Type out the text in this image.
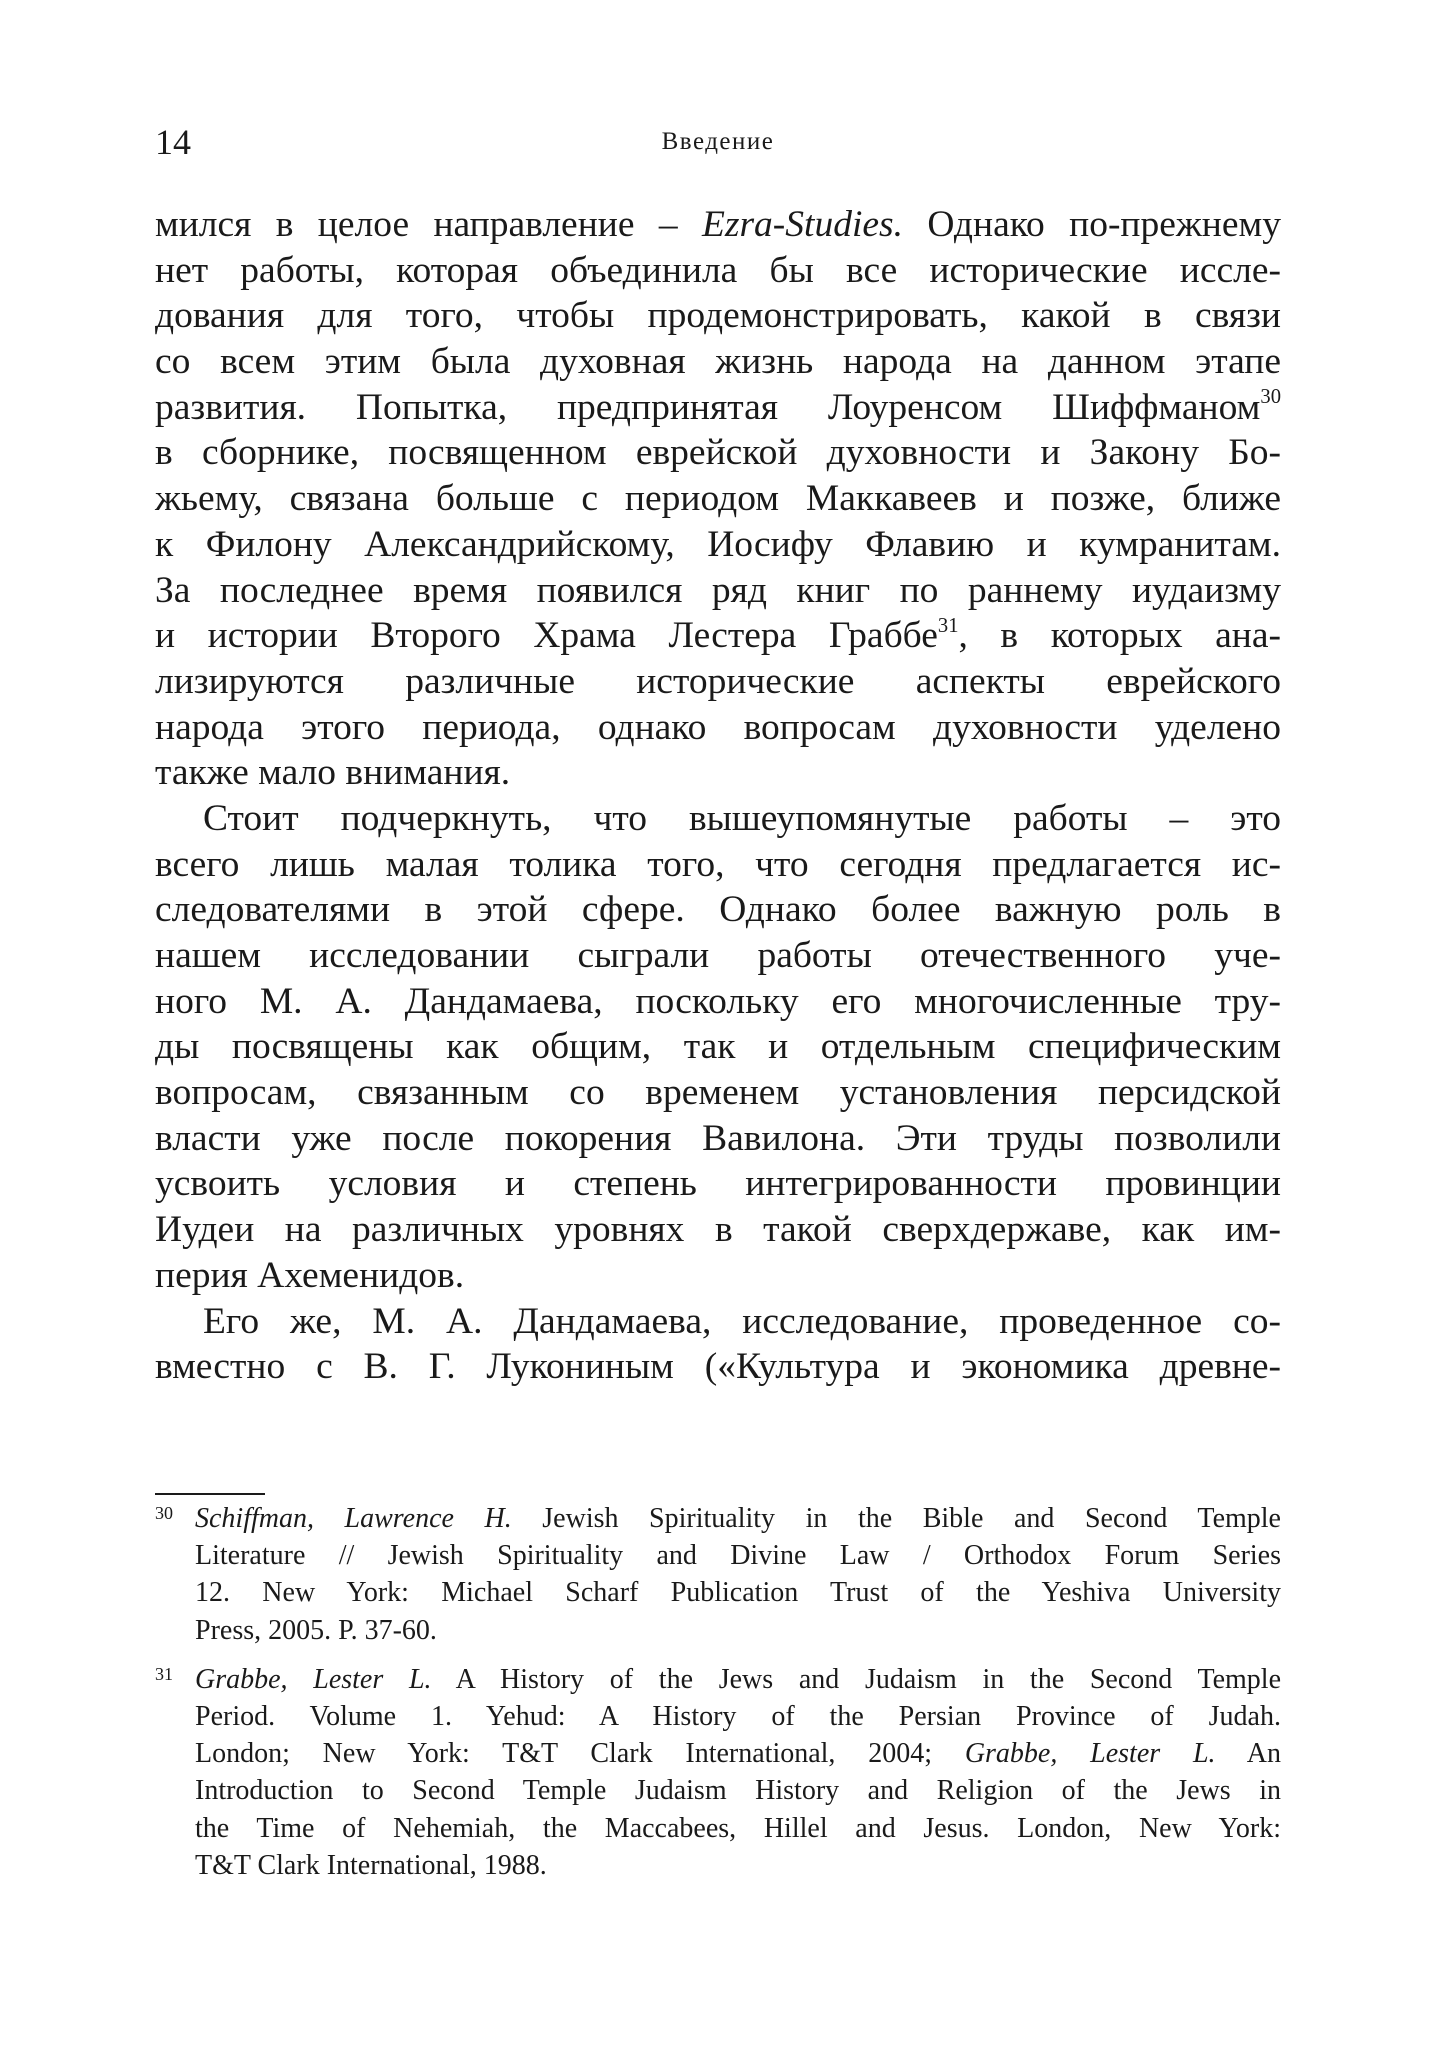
14	Введение
мился в целое направление – Ezra-Studies. Однако по-прежнему
нет работы, которая объединила бы все исторические иссле-
дования для того, чтобы продемонстрировать, какой в связи
со всем этим была духовная жизнь народа на данном этапе
развития. Попытка, предпринятая Лоуренсом Шиффманом$^{30}$
в сборнике, посвященном еврейской духовности и Закону Бо-
жьему, связана больше с периодом Маккавеев и позже, ближе
к Филону Александрийскому, Иосифу Флавию и кумранитам.
За последнее время появился ряд книг по раннему иудаизму
и истории Второго Храма Лестера Граббе$^{31}$, в которых ана-
лизируются различные исторические аспекты еврейского
народа этого периода, однако вопросам духовности уделено
также мало внимания.
Стоит подчеркнуть, что вышеупомянутые работы – это
всего лишь малая толика того, что сегодня предлагается ис-
следователями в этой сфере. Однако более важную роль в
нашем исследовании сыграли работы отечественного уче-
ного М. А. Дандамаева, поскольку его многочисленные тру-
ды посвящены как общим, так и отдельным специфическим
вопросам, связанным со временем установления персидской
власти уже после покорения Вавилона. Эти труды позволили
усвоить условия и степень интегрированности провинции
Иудеи на различных уровнях в такой сверхдержаве, как им-
перия Ахеменидов.
Его же, М. А. Дандамаева, исследование, проведенное со-
вместно с В. Г. Лукониным («Культура и экономика древне-
30 Schiffman, Lawrence H. Jewish Spirituality in the Bible and Second Temple
Literature // Jewish Spirituality and Divine Law / Orthodox Forum Series
12. New York: Michael Scharf Publication Trust of the Yeshiva University
Press, 2005. P. 37-60.
31 Grabbe, Lester L. A History of the Jews and Judaism in the Second Temple
Period. Volume 1. Yehud: A History of the Persian Province of Judah.
London; New York: T&T Clark International, 2004; Grabbe, Lester L. An
Introduction to Second Temple Judaism History and Religion of the Jews in
the Time of Nehemiah, the Maccabees, Hillel and Jesus. London, New York:
T&T Clark International, 1988.
